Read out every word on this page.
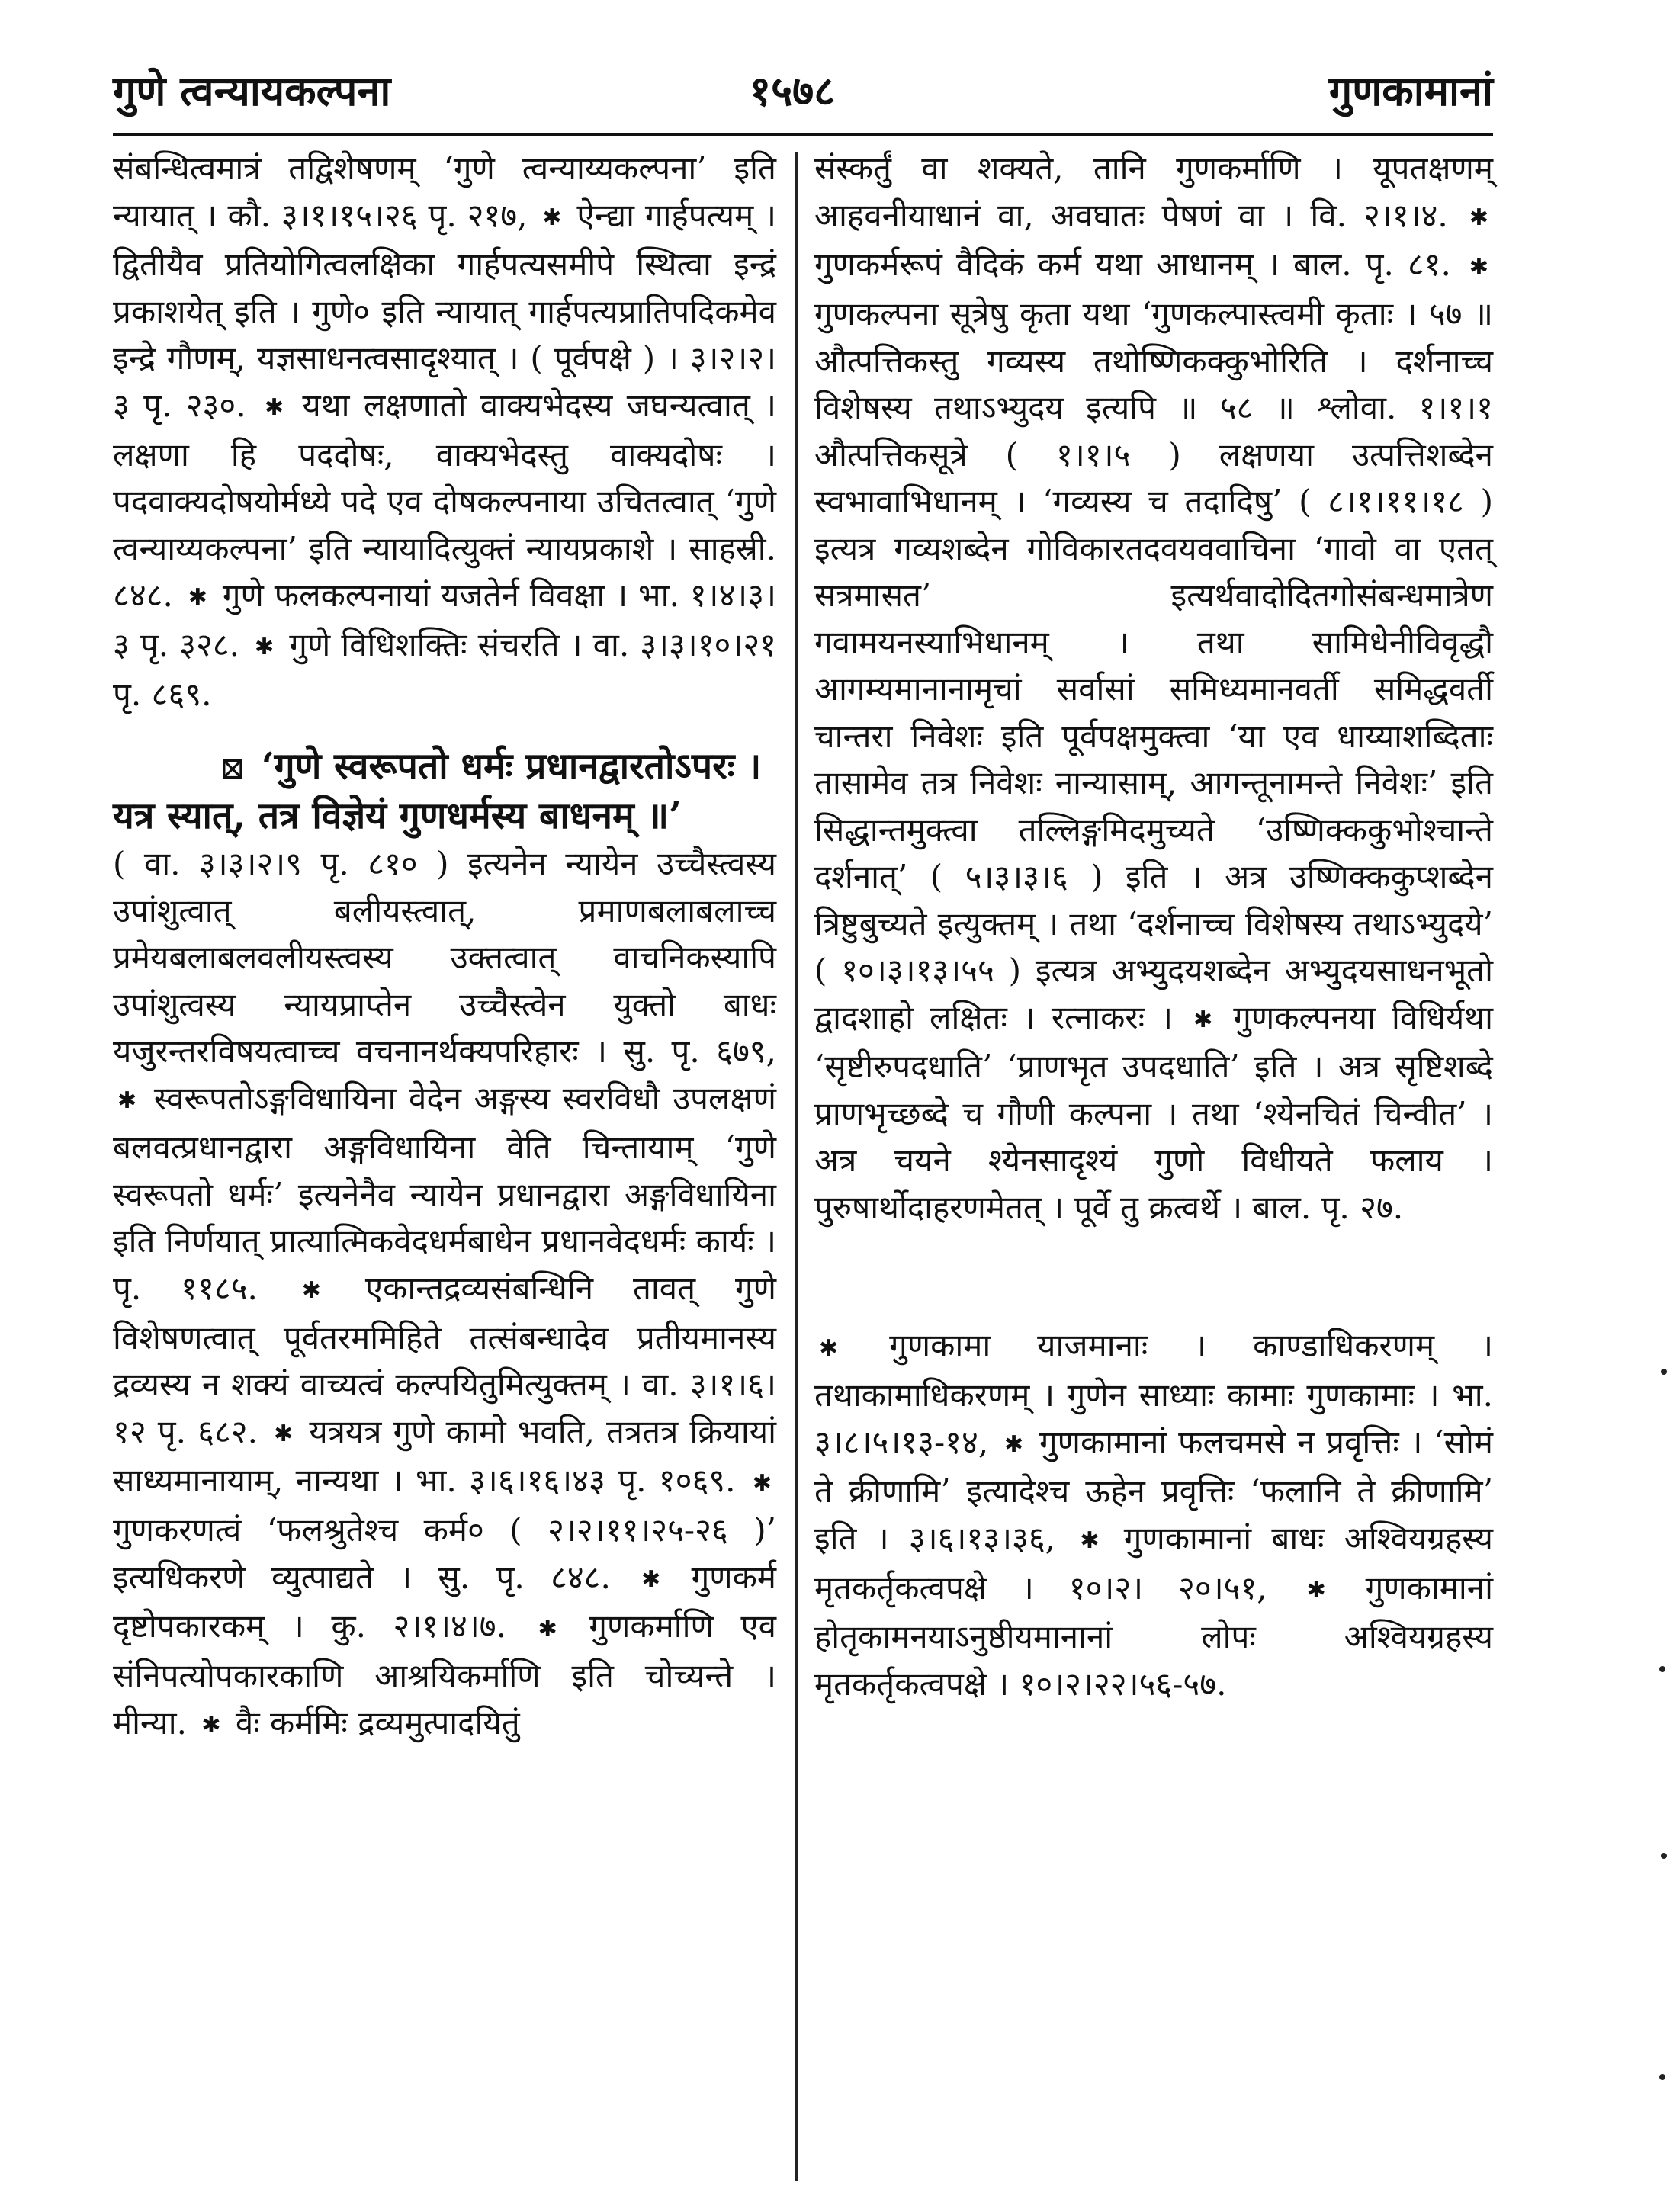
गुणे त्वन्यायकल्पना	१५७८	गुणकामानां

संबन्धित्वमात्रं तद्विशेषणम् ‘गुणे त्वन्याय्यकल्पना’ इति न्यायात् । कौ. ३।१।१५।२६ पृ. २१७, ✱ ऐन्द्या गार्हपत्यम् । द्वितीयैव प्रतियोगित्वलक्षिका गार्हपत्यसमीपे स्थित्वा इन्द्रं प्रकाशयेत् इति । गुणे० इति न्यायात् गार्हपत्यप्रातिपदिकमेव इन्द्रे गौणम्, यज्ञसाधनत्वसादृश्यात् । ( पूर्वपक्षे ) । ३।२।२।३ पृ. २३०. ✱ यथा लक्षणातो वाक्यभेदस्य जघन्यत्वात् । लक्षणा हि पददोषः, वाक्यभेदस्तु वाक्यदोषः । पदवाक्यदोषयोर्मध्ये पदे एव दोषकल्पनाया उचितत्वात् ‘गुणे त्वन्याय्यकल्पना’ इति न्यायादित्युक्तं न्यायप्रकाशे । साहस्री. ८४८. ✱ गुणे फलकल्पनायां यजतेर्न विवक्षा । भा. १।४।३।३ पृ. ३२८. ✱ गुणे विधिशक्तिः संचरति । वा. ३।३।१०।२१ पृ. ८६९.

⊠ ‘गुणे स्वरूपतो धर्मः प्रधानद्वारतोऽपरः ।
यत्र स्यात्, तत्र विज्ञेयं गुणधर्मस्य बाधनम् ॥’

( वा. ३।३।२।९ पृ. ८१० ) इत्यनेन न्यायेन उच्चैस्त्वस्य उपांशुत्वात् बलीयस्त्वात्, प्रमाणबलाबलाच्च प्रमेयबलाबलवलीयस्त्वस्य उक्तत्वात् वाचनिकस्यापि उपांशुत्वस्य न्यायप्राप्तेन उच्चैस्त्वेन युक्तो बाधः यजुरन्तरविषयत्वाच्च वचनानर्थक्यपरिहारः । सु. पृ. ६७९, ✱ स्वरूपतोऽङ्गविधायिना वेदेन अङ्गस्य स्वरविधौ उपलक्षणं बलवत्प्रधानद्वारा अङ्गविधायिना वेति चिन्तायाम् ‘गुणे स्वरूपतो धर्मः’ इत्यनेनैव न्यायेन प्रधानद्वारा अङ्गविधायिना इति निर्णयात् प्रात्यात्मिकवेदधर्मबाधेन प्रधानवेदधर्मः कार्यः । पृ. ११८५. ✱ एकान्तद्रव्यसंबन्धिनि तावत् गुणे विशेषणत्वात् पूर्वतरममिहिते तत्संबन्धादेव प्रतीयमानस्य द्रव्यस्य न शक्यं वाच्यत्वं कल्पयितुमित्युक्तम् । वा. ३।१।६।१२ पृ. ६८२. ✱ यत्रयत्र गुणे कामो भवति, तत्रतत्र क्रियायां साध्यमानायाम्, नान्यथा । भा. ३।६।१६।४३ पृ. १०६९. ✱ गुणकरणत्वं ‘फलश्रुतेश्च कर्म० ( २।२।११।२५-२६ )’ इत्यधिकरणे व्युत्पाद्यते । सु. पृ. ८४८. ✱ गुणकर्म दृष्टोपकारकम् । कु. २।१।४।७. ✱ गुणकर्माणि एव संनिपत्योपकारकाणि आश्रयिकर्माणि इति चोच्यन्ते । मीन्या. ✱ वैः कर्ममिः द्रव्यमुत्पादयितुं

संस्कर्तुं वा शक्यते, तानि गुणकर्माणि । यूपतक्षणम् आहवनीयाधानं वा, अवघातः पेषणं वा । वि. २।१।४. ✱ गुणकर्मरूपं वैदिकं कर्म यथा आधानम् । बाल. पृ. ८१. ✱ गुणकल्पना सूत्रेषु कृता यथा ‘गुणकल्पास्त्वमी कृताः । ५७ ॥ औत्पत्तिकस्तु गव्यस्य तथोष्णिकक्कुभोरिति । दर्शनाच्च विशेषस्य तथाऽभ्युदय इत्यपि ॥ ५८ ॥ श्लोवा. १।१।१ औत्पत्तिकसूत्रे ( १।१।५ ) लक्षणया उत्पत्तिशब्देन स्वभावाभिधानम् । ‘गव्यस्य च तदादिषु’ ( ८।१।११।१८ ) इत्यत्र गव्यशब्देन गोविकारतदवयववाचिना ‘गावो वा एतत् सत्रमासत’ इत्यर्थवादोदितगोसंबन्धमात्रेण गवामयनस्याभिधानम् । तथा सामिधेनीविवृद्धौ आगम्यमानानामृचां सर्वासां समिध्यमानवर्ती समिद्धवर्ती चान्तरा निवेशः इति पूर्वपक्षमुक्त्वा ‘या एव धाय्याशब्दिताः तासामेव तत्र निवेशः नान्यासाम्, आगन्तूनामन्ते निवेशः’ इति सिद्धान्तमुक्त्वा तल्लिङ्गमिदमुच्यते ‘उष्णिक्ककुभोश्चान्ते दर्शनात्’ ( ५।३।३।६ ) इति । अत्र उष्णिक्ककुप्शब्देन त्रिष्टुबुच्यते इत्युक्तम् । तथा ‘दर्शनाच्च विशेषस्य तथाऽभ्युदये’ ( १०।३।१३।५५ ) इत्यत्र अभ्युदयशब्देन अभ्युदयसाधनभूतो द्वादशाहो लक्षितः । रत्नाकरः । ✱ गुणकल्पनया विधिर्यथा ‘सृष्टीरुपदधाति’ ‘प्राणभृत उपदधाति’ इति । अत्र सृष्टिशब्दे प्राणभृच्छब्दे च गौणी कल्पना । तथा ‘श्येनचितं चिन्वीत’ । अत्र चयने श्येनसादृश्यं गुणो विधीयते फलाय । पुरुषार्थोदाहरणमेतत् । पूर्वे तु क्रत्वर्थे । बाल. पृ. २७.

✱ गुणकामा याजमानाः । काण्डाधिकरणम् । तथाकामाधिकरणम् । गुणेन साध्याः कामाः गुणकामाः । भा. ३।८।५।१३-१४, ✱ गुणकामानां फलचमसे न प्रवृत्तिः । ‘सोमं ते क्रीणामि’ इत्यादेश्च ऊहेन प्रवृत्तिः ‘फलानि ते क्रीणामि’ इति । ३।६।१३।३६, ✱ गुणकामानां बाधः अश्वियग्रहस्य मृतकर्तृकत्वपक्षे । १०।२। २०।५१, ✱ गुणकामानां होतृकामनयाऽनुष्ठीयमानानां लोपः अश्वियग्रहस्य मृतकर्तृकत्वपक्षे । १०।२।२२।५६-५७.
